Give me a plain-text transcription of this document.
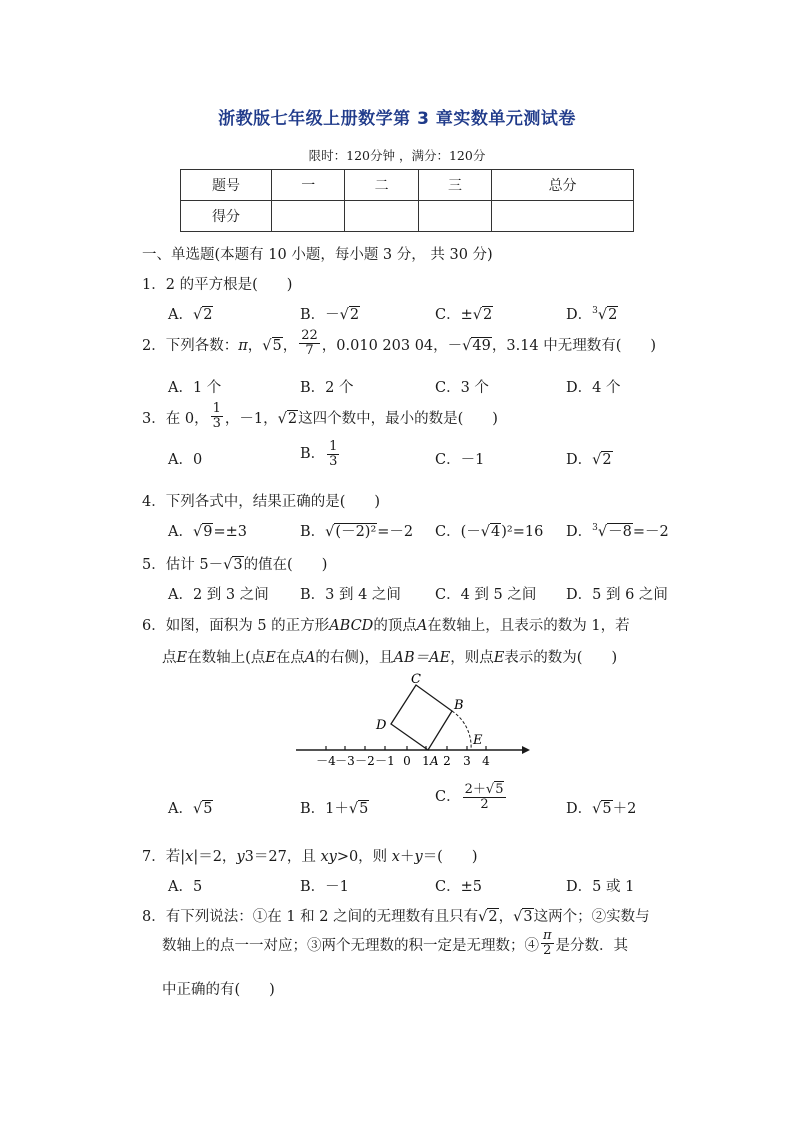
浙教版七年级上册数学第 3 章实数单元测试卷
限时：120分钟 ，满分：120分
题号	一	二	三	总分
得分				
一、单选题(本题有 10 小题，每小题 3 分， 共 30 分)
1．2 的平方根是(　　)
A．√2	B．－√2	C．±√2	D．$^3$√2
2．下列各数：π，√5， $\frac{22}{7}$ ，0.010 203 04，－√49，3.14 中无理数有(　　)
A．1 个	B．2 个	C．3 个	D．4 个
3．在 0， $\frac{1}{3}$ ，－1，√2这四个数中，最小的数是(　　)
A．0	B． $\frac{1}{3}$	C．－1	D．√2
4．下列各式中，结果正确的是(　　)
A．√9=±3	B．√(－2)²=－2 C．(－√4)²=16 D．$^3$√－8=－2
5．估计 5－√3的值在(　　)
A．2 到 3 之间 B．3 到 4 之间 C．4 到 5 之间 D．5 到 6 之间
6．如图，面积为 5 的正方形ABCD的顶点A在数轴上，且表示的数为 1，若
点E在数轴上(点E在点A的右侧)，且AB＝AE，则点E表示的数为(　　)
C
B
D
E
A
－4 －3 －2 －1 0 1 2 3 4
A．√5	B．1＋√5
C． $\frac{2+√5}{2}$	D．√5＋2
7．若|x|＝2，y3＝27，且 xy>0，则 x＋y＝(　　)
A．5	B．－1	C．±5	D．5 或 1
8．有下列说法：①在 1 和 2 之间的无理数有且只有√2，√3这两个；②实数与
数轴上的点一一对应；③两个无理数的积一定是无理数；④ $\frac{\pi}{2}$ 是分数．其
中正确的有(　　)
